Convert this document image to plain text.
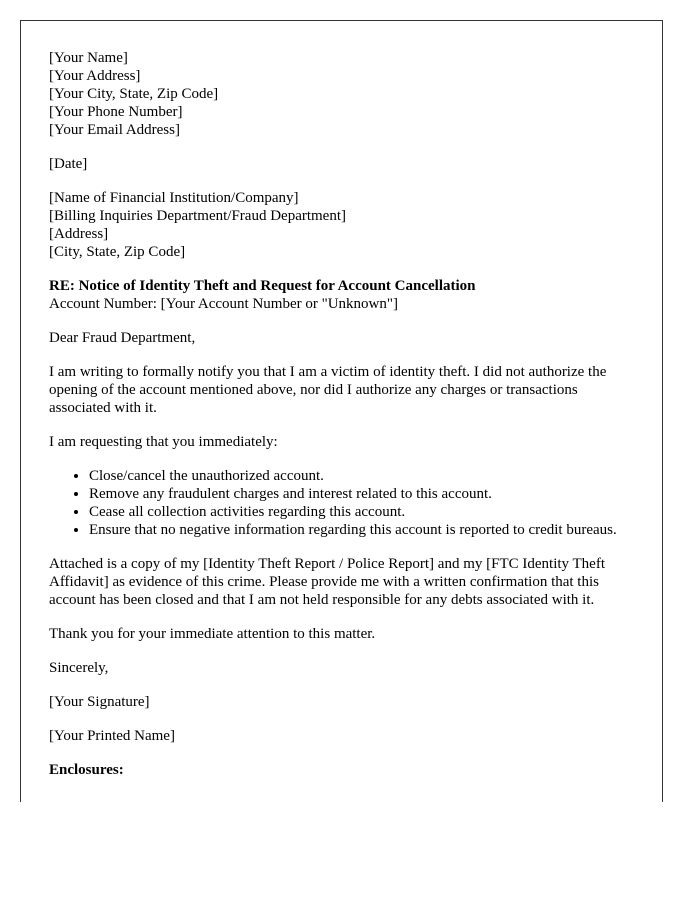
[Your Name]
[Your Address]
[Your City, State, Zip Code]
[Your Phone Number]
[Your Email Address]

[Date]

[Name of Financial Institution/Company]
[Billing Inquiries Department/Fraud Department]
[Address]
[City, State, Zip Code]

RE: Notice of Identity Theft and Request for Account Cancellation
Account Number: [Your Account Number or "Unknown"]

Dear Fraud Department,

I am writing to formally notify you that I am a victim of identity theft. I did not authorize the opening of the account mentioned above, nor did I authorize any charges or transactions associated with it.

I am requesting that you immediately:

• Close/cancel the unauthorized account.
• Remove any fraudulent charges and interest related to this account.
• Cease all collection activities regarding this account.
• Ensure that no negative information regarding this account is reported to credit bureaus.

Attached is a copy of my [Identity Theft Report / Police Report] and my [FTC Identity Theft Affidavit] as evidence of this crime. Please provide me with a written confirmation that this account has been closed and that I am not held responsible for any debts associated with it.

Thank you for your immediate attention to this matter.

Sincerely,

[Your Signature]

[Your Printed Name]

Enclosures:
